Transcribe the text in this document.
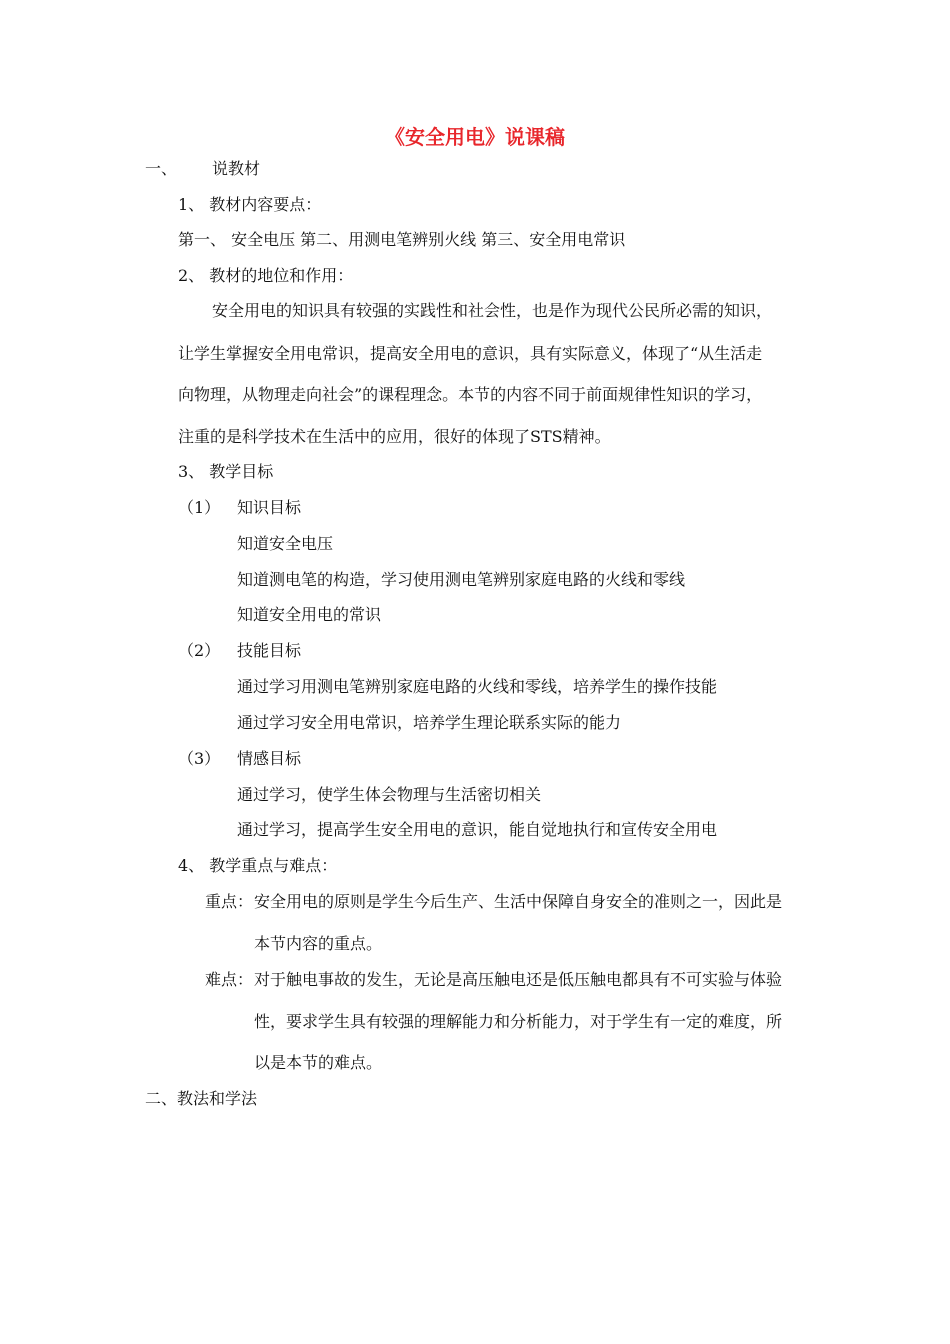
《安全用电》说课稿
一、 说教材
1、 教材内容要点：
第一、 安全电压 第二、用测电笔辨别火线 第三、安全用电常识
2、 教材的地位和作用：
安全用电的知识具有较强的实践性和社会性，也是作为现代公民所必需的知识，
让学生掌握安全用电常识，提高安全用电的意识，具有实际意义，体现了“从生活走
向物理，从物理走向社会”的课程理念。本节的内容不同于前面规律性知识的学习，
注重的是科学技术在生活中的应用，很好的体现了STS精神。
3、 教学目标
（1） 知识目标
知道安全电压
知道测电笔的构造，学习使用测电笔辨别家庭电路的火线和零线
知道安全用电的常识
（2） 技能目标
通过学习用测电笔辨别家庭电路的火线和零线，培养学生的操作技能
通过学习安全用电常识，培养学生理论联系实际的能力
（3） 情感目标
通过学习，使学生体会物理与生活密切相关
通过学习，提高学生安全用电的意识，能自觉地执行和宣传安全用电
4、 教学重点与难点：
重点： 安全用电的原则是学生今后生产、生活中保障自身安全的准则之一，因此是
本节内容的重点。
难点： 对于触电事故的发生，无论是高压触电还是低压触电都具有不可实验与体验
性，要求学生具有较强的理解能力和分析能力，对于学生有一定的难度，所
以是本节的难点。
二、教法和学法
